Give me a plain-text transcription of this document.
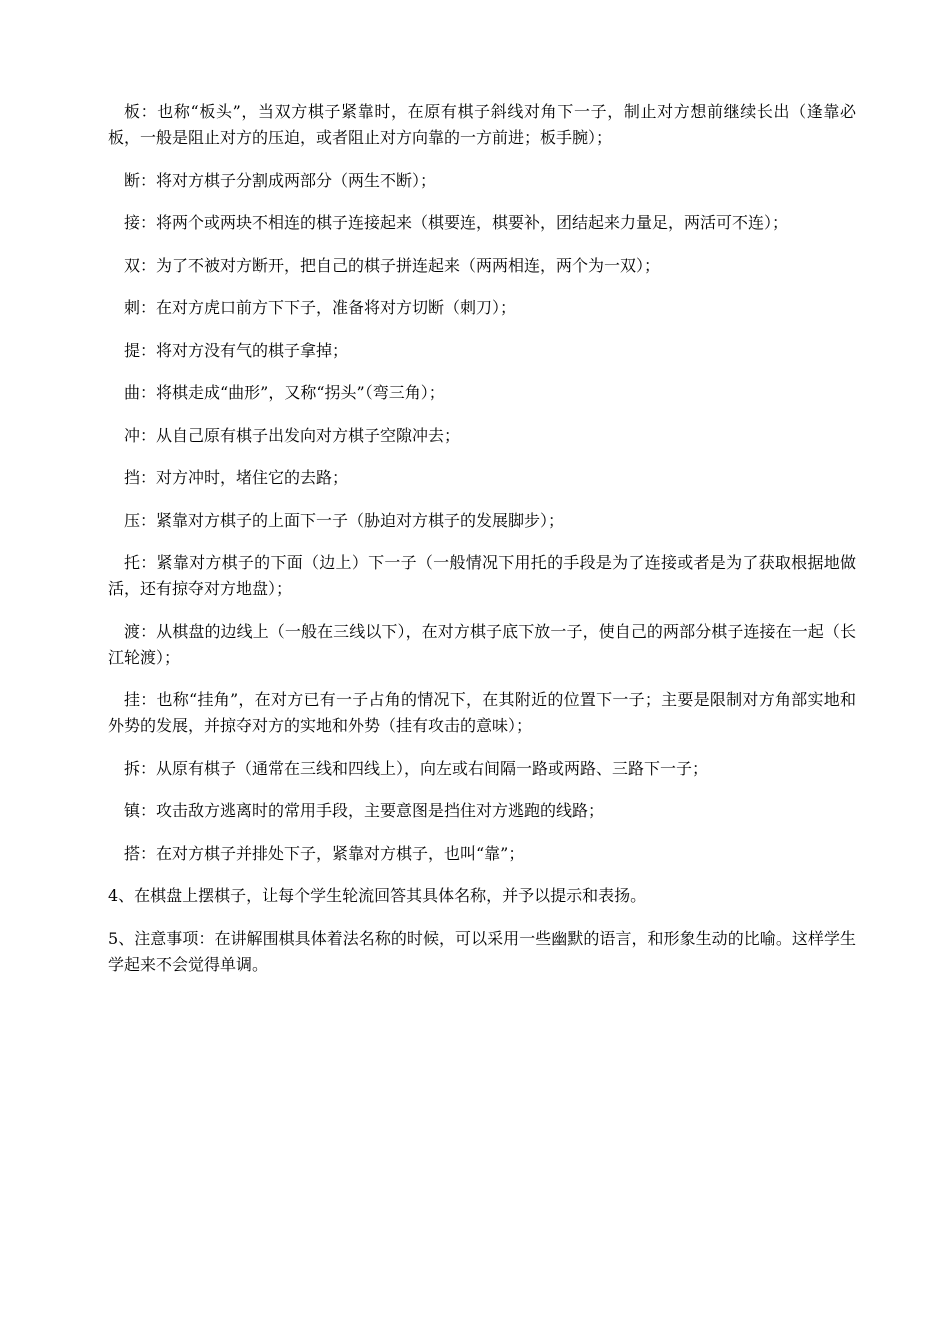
板：也称“板头”，当双方棋子紧靠时，在原有棋子斜线对角下一子，制止对方想前继续长出（逢靠必板，一般是阻止对方的压迫，或者阻止对方向靠的一方前进；板手腕）；

断：将对方棋子分割成两部分（两生不断）；

接：将两个或两块不相连的棋子连接起来（棋要连，棋要补，团结起来力量足，两活可不连）；

双：为了不被对方断开，把自己的棋子拼连起来（两两相连，两个为一双）；

刺：在对方虎口前方下下子，准备将对方切断（刺刀）；

提：将对方没有气的棋子拿掉；

曲：将棋走成“曲形”，又称“拐头”（弯三角）；

冲：从自己原有棋子出发向对方棋子空隙冲去；

挡：对方冲时，堵住它的去路；

压：紧靠对方棋子的上面下一子（胁迫对方棋子的发展脚步）；

托：紧靠对方棋子的下面（边上）下一子（一般情况下用托的手段是为了连接或者是为了获取根据地做活，还有掠夺对方地盘）；

渡：从棋盘的边线上（一般在三线以下），在对方棋子底下放一子，使自己的两部分棋子连接在一起（长江轮渡）；

挂：也称“挂角”，在对方已有一子占角的情况下，在其附近的位置下一子；主要是限制对方角部实地和外势的发展，并掠夺对方的实地和外势（挂有攻击的意味）；

拆：从原有棋子（通常在三线和四线上），向左或右间隔一路或两路、三路下一子；

镇：攻击敌方逃离时的常用手段，主要意图是挡住对方逃跑的线路；

搭：在对方棋子并排处下子，紧靠对方棋子，也叫“靠”；

4、在棋盘上摆棋子，让每个学生轮流回答其具体名称，并予以提示和表扬。

5、注意事项：在讲解围棋具体着法名称的时候，可以采用一些幽默的语言，和形象生动的比喻。这样学生学起来不会觉得单调。
